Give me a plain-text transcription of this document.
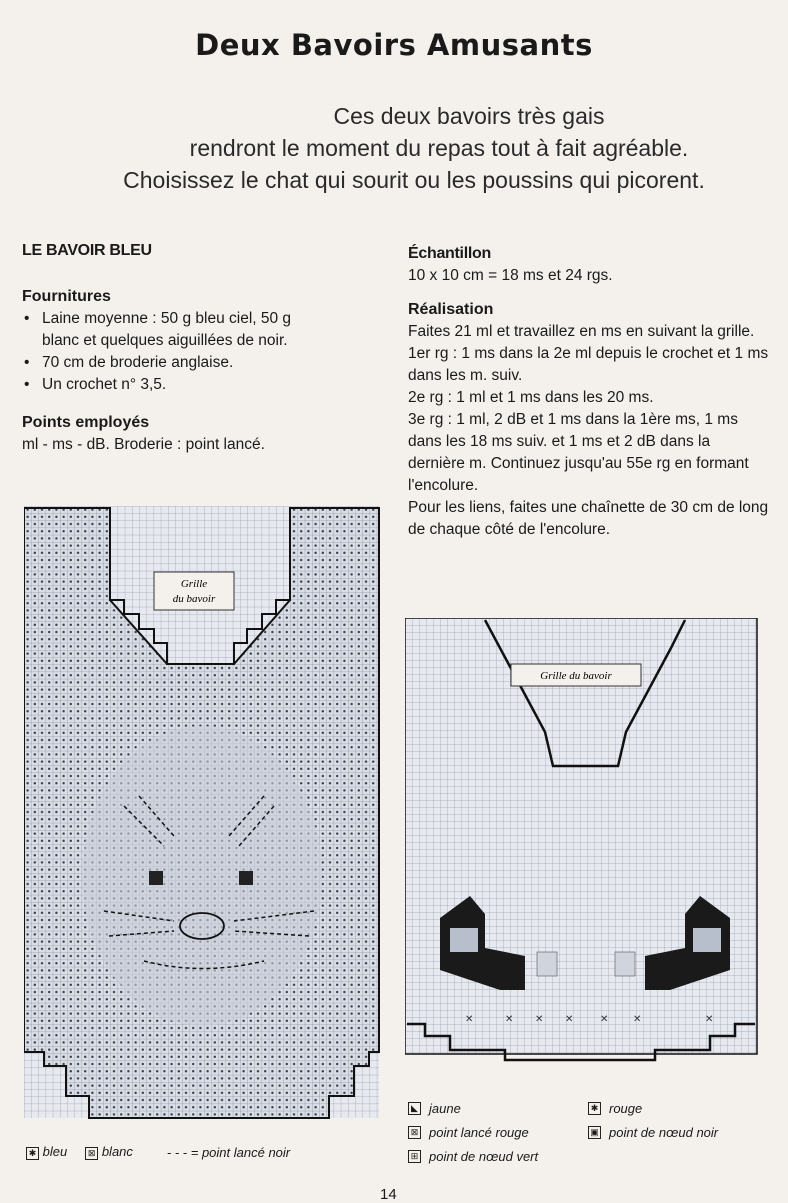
Deux Bavoirs Amusants
Ces deux bavoirs très gais
rendront le moment du repas tout à fait agréable.
Choisissez le chat qui sourit ou les poussins qui picorent.
LE BAVOIR BLEU
Fournitures
• Laine moyenne : 50 g bleu ciel, 50 g blanc et quelques aiguillées de noir.
• 70 cm de broderie anglaise.
• Un crochet n° 3,5.
Points employés
ml - ms - dB. Broderie : point lancé.
Échantillon
10 x 10 cm = 18 ms et 24 rgs.
Réalisation
Faites 21 ml et travaillez en ms en suivant la grille.
1er rg : 1 ms dans la 2e ml depuis le crochet et 1 ms dans les m. suiv.
2e rg : 1 ml et 1 ms dans les 20 ms.
3e rg : 1 ml, 2 dB et 1 ms dans la 1ère ms, 1 ms dans les 18 ms suiv. et 1 ms et 2 dB dans la dernière m. Continuez jusqu'au 55e rg en formant l'encolure.
Pour les liens, faites une chaînette de 30 cm de long de chaque côté de l'encolure.
Grille
du bavoir
Grille du bavoir
✕	✕ ✕ ✕	✕ ✕	✕
✱ bleu	⊠ blanc	- - - = point lancé noir
◣ jaune	✱ rouge
⊠ point lancé rouge	▣ point de nœud noir
⊞ point de nœud vert
14
